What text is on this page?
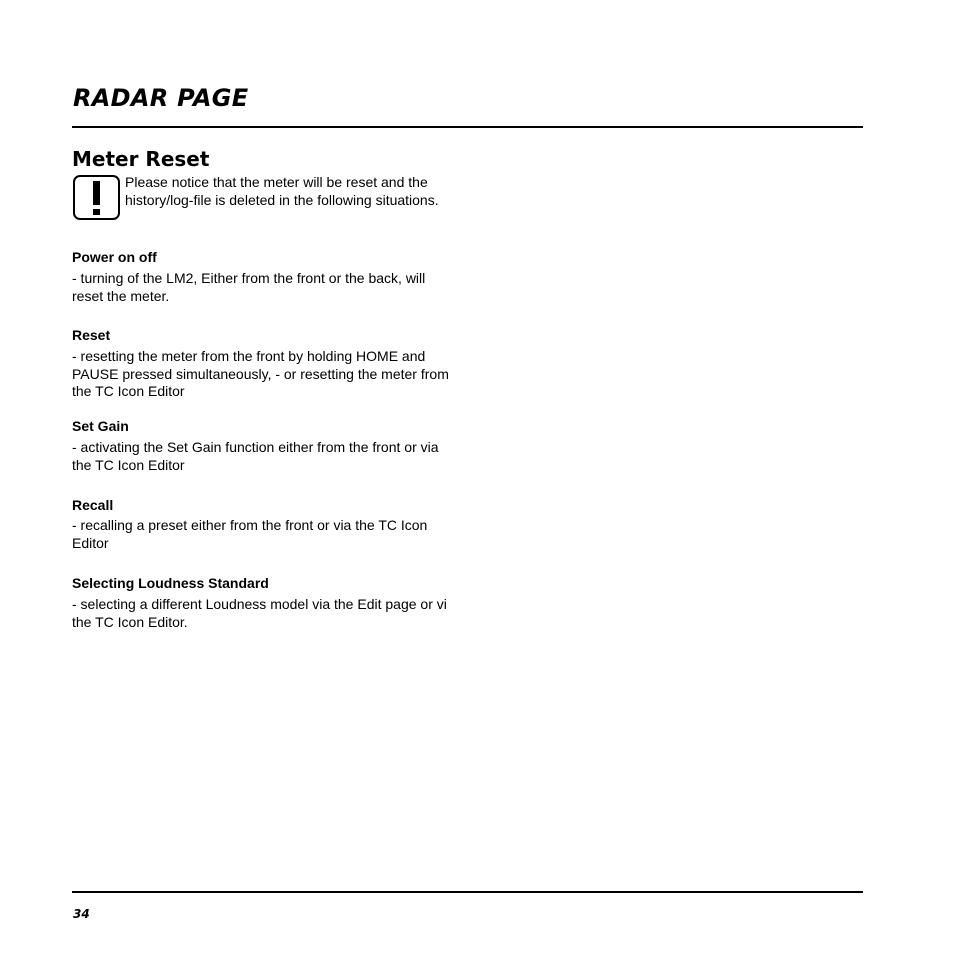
RADAR PAGE
Meter Reset

Please notice that the meter will be reset and the history/log-file is deleted in the following situations.

Power on off

- turning of the LM2, Either from the front or the back, will reset the meter.

Reset

- resetting the meter from the front by holding HOME and PAUSE pressed simultaneously, - or resetting the meter from the TC Icon Editor

Set Gain

- activating the Set Gain function either from the front or via the TC Icon Editor

Recall

- recalling a preset either from the front or via the TC Icon Editor

Selecting Loudness Standard

- selecting a different Loudness model via the Edit page or vi the TC Icon Editor.

34
